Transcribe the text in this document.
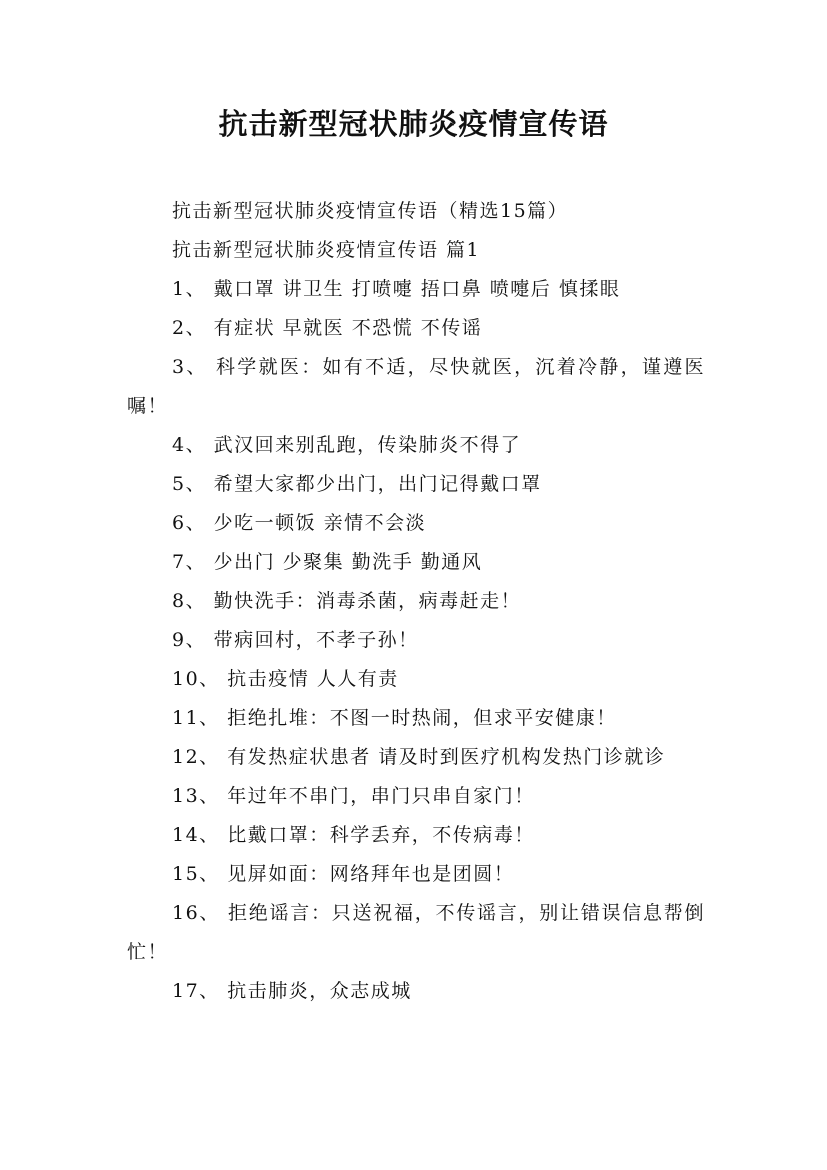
抗击新型冠状肺炎疫情宣传语

抗击新型冠状肺炎疫情宣传语（精选15篇）

抗击新型冠状肺炎疫情宣传语 篇1

1、 戴口罩 讲卫生 打喷嚏 捂口鼻 喷嚏后 慎揉眼

2、 有症状 早就医 不恐慌 不传谣

3、 科学就医：如有不适，尽快就医，沉着冷静，谨遵医嘱！

4、 武汉回来别乱跑，传染肺炎不得了

5、 希望大家都少出门，出门记得戴口罩

6、 少吃一顿饭 亲情不会淡

7、 少出门 少聚集 勤洗手 勤通风

8、 勤快洗手：消毒杀菌，病毒赶走！

9、 带病回村，不孝子孙！

10、 抗击疫情 人人有责

11、 拒绝扎堆：不图一时热闹，但求平安健康！

12、 有发热症状患者 请及时到医疗机构发热门诊就诊

13、 年过年不串门，串门只串自家门！

14、 比戴口罩：科学丢弃，不传病毒！

15、 见屏如面：网络拜年也是团圆！

16、 拒绝谣言：只送祝福，不传谣言，别让错误信息帮倒忙！

17、 抗击肺炎，众志成城
